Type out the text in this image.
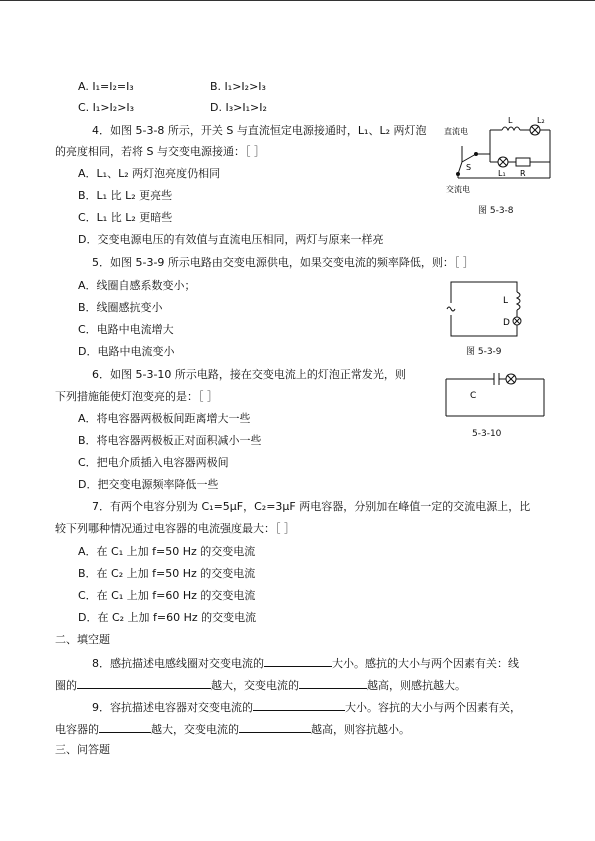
A. I₁=I₂=I₃	B. I₁>I₂>I₃
C. I₁>I₂>I₃	D. I₃>I₁>I₂
4．如图 5-3-8 所示，开关 S 与直流恒定电源接通时，L₁、L₂ 两灯泡
的亮度相同，若将 S 与交变电源接通：［ ］
A．L₁、L₂ 两灯泡亮度仍相同
B．L₁ 比 L₂ 更亮些
C．L₁ 比 L₂ 更暗些
D．交变电源电压的有效值与直流电压相同，两灯与原来一样亮
直流电
交流电
L	L₂
L₁ R
S
图 5-3-8
5．如图 5-3-9 所示电路由交变电源供电，如果交变电流的频率降低，则：［ ］
A．线圈自感系数变小；
B．线圈感抗变小
C．电路中电流增大
D．电路中电流变小
L
D
图 5-3-9
6．如图 5-3-10 所示电路，接在交变电流上的灯泡正常发光，则
下列措施能使灯泡变亮的是：［ ］
A．将电容器两极板间距离增大一些
B．将电容器两极板正对面积减小一些
C．把电介质插入电容器两极间
D．把交变电源频率降低一些
C
5-3-10
7．有两个电容分别为 C₁=5μF，C₂=3μF 两电容器，分别加在峰值一定的交流电源上，比
较下列哪种情况通过电容器的电流强度最大：［ ］
A．在 C₁ 上加 f=50 Hz 的交变电流
B．在 C₂ 上加 f=50 Hz 的交变电流
C．在 C₁ 上加 f=60 Hz 的交变电流
D．在 C₂ 上加 f=60 Hz 的交变电流
二、填空题
8．感抗描述电感线圈对交变电流的	大小。感抗的大小与两个因素有关：线
圈的	越大，交变电流的	越高，则感抗越大。
9．容抗描述电容器对交变电流的	大小。容抗的大小与两个因素有关，
电容器的	越大，交变电流的	越高，则容抗越小。
三、问答题
